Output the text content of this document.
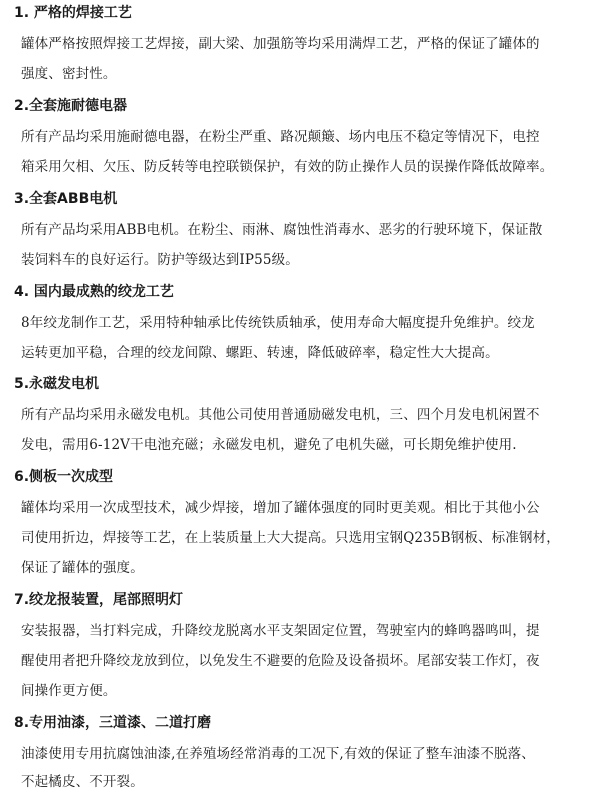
1. 严格的焊接工艺
罐体严格按照焊接工艺焊接，副大梁、加强筋等均采用满焊工艺，严格的保证了罐体的
强度、密封性。
2.全套施耐德电器
所有产品均采用施耐德电器，在粉尘严重、路况颠簸、场内电压不稳定等情况下，电控
箱采用欠相、欠压、防反转等电控联锁保护，有效的防止操作人员的误操作降低故障率。
3.全套ABB电机
所有产品均采用ABB电机。在粉尘、雨淋、腐蚀性消毒水、恶劣的行驶环境下，保证散
装饲料车的良好运行。防护等级达到IP55级。
4. 国内最成熟的绞龙工艺
8年绞龙制作工艺，采用特种轴承比传统铁质轴承，使用寿命大幅度提升免维护。绞龙
运转更加平稳，合理的绞龙间隙、螺距、转速，降低破碎率，稳定性大大提高。
5.永磁发电机
所有产品均采用永磁发电机。其他公司使用普通励磁发电机，三、四个月发电机闲置不
发电，需用6-12V干电池充磁；永磁发电机，避免了电机失磁，可长期免维护使用.
6.侧板一次成型
罐体均采用一次成型技术，减少焊接，增加了罐体强度的同时更美观。相比于其他小公
司使用折边，焊接等工艺，在上装质量上大大提高。只选用宝钢Q235B钢板、标准钢材，
保证了罐体的强度。
7.绞龙报装置，尾部照明灯
安装报器，当打料完成，升降绞龙脱离水平支架固定位置，驾驶室内的蜂鸣器鸣叫，提
醒使用者把升降绞龙放到位，以免发生不避要的危险及设备损坏。尾部安装工作灯，夜
间操作更方便。
8.专用油漆，三道漆、二道打磨
油漆使用专用抗腐蚀油漆,在养殖场经常消毒的工况下,有效的保证了整车油漆不脱落、
不起橘皮、不开裂。
